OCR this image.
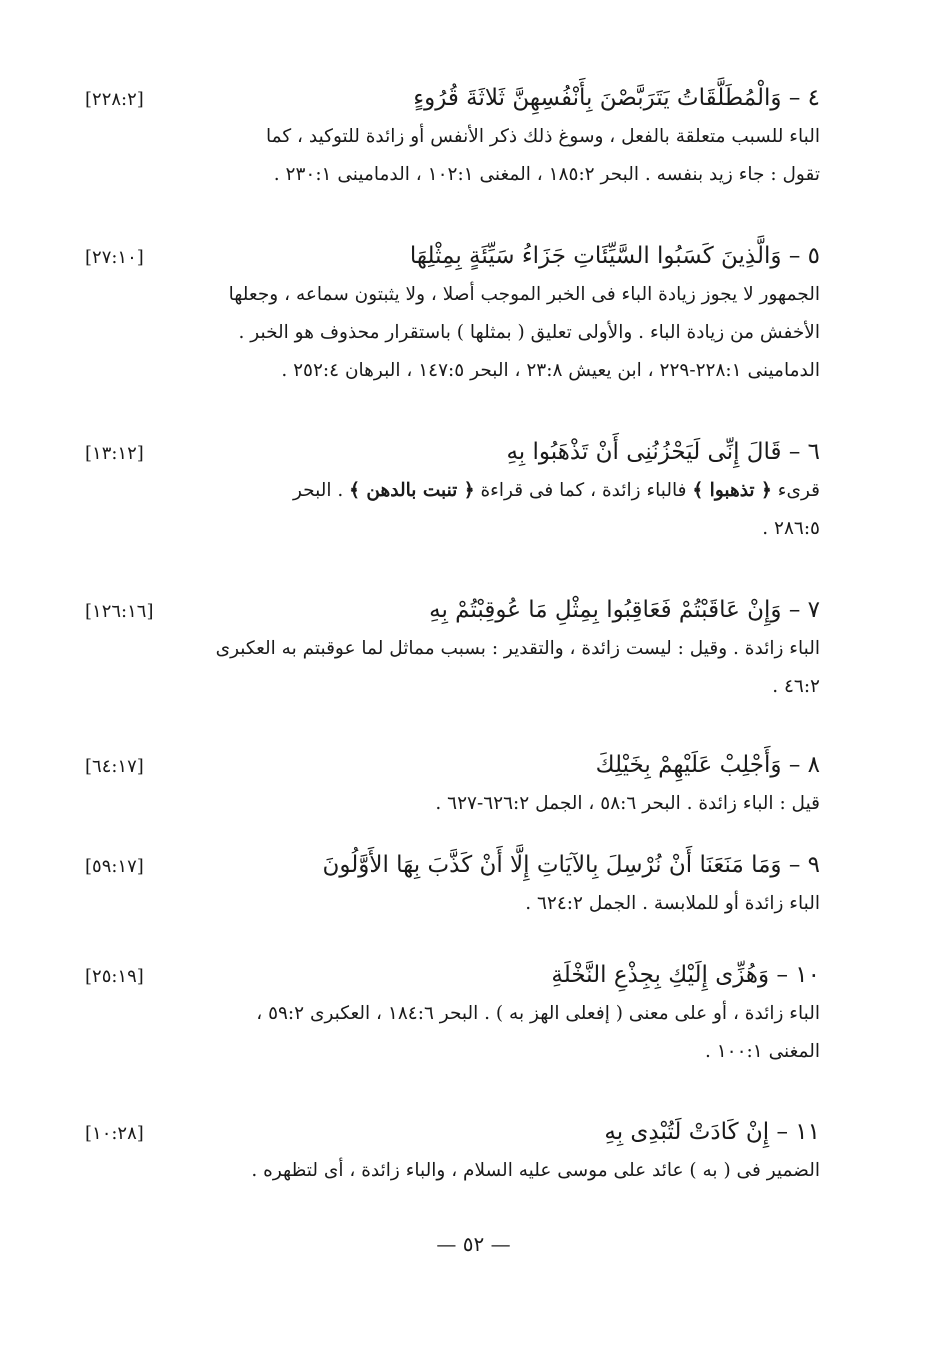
٤ – وَالْمُطَلَّقَاتُ يَتَرَبَّصْنَ بِأَنْفُسِهِنَّ ثَلاثَةَ قُرُوءٍ
[٢٢٨:٢]

الباء للسبب متعلقة بالفعل ، وسوغ ذلك ذكر الأنفس أو زائدة للتوكيد ، كما

تقول : جاء زيد بنفسه . البحر ١٨٥:٢ ، المغنى ١٠٢:١ ، الدمامينى ٢٣٠:١ .

٥ – وَالَّذِينَ كَسَبُوا السَّيِّئَاتِ جَزَاءُ سَيِّئَةٍ بِمِثْلِهَا
[٢٧:١٠]

الجمهور لا يجوز زيادة الباء فى الخبر الموجب أصلا ، ولا يثبتون سماعه ، وجعلها

الأخفش من زيادة الباء . والأولى تعليق ( بمثلها ) باستقرار محذوف هو الخبر .

الدمامينى ٢٢٨:١-٢٢٩ ، ابن يعيش ٢٣:٨ ، البحر ١٤٧:٥ ، البرهان ٢٥٢:٤ .

٦ – قَالَ إِنِّى لَيَحْزُنُنِى أَنْ تَذْهَبُوا بِهِ
[١٣:١٢]

قرىء ﴿ تذهبوا ﴾ فالباء زائدة ، كما فى قراءة ﴿ تنبت بالدهن ﴾ . البحر

٢٨٦:٥ .

٧ – وَإِنْ عَاقَبْتُمْ فَعَاقِبُوا بِمِثْلِ مَا عُوقِبْتُمْ بِهِ
[١٢٦:١٦]

الباء زائدة . وقيل : ليست زائدة ، والتقدير : بسبب مماثل لما عوقبتم به العكبرى

٤٦:٢ .

٨ – وَأَجْلِبْ عَلَيْهِمْ بِخَيْلِكَ
[٦٤:١٧]

قيل : الباء زائدة . البحر ٥٨:٦ ، الجمل ٦٢٦:٢-٦٢٧ .

٩ – وَمَا مَنَعَنَا أَنْ نُرْسِلَ بِالآيَاتِ إِلَّا أَنْ كَذَّبَ بِهَا الأَوَّلُونَ
[٥٩:١٧]

الباء زائدة أو للملابسة . الجمل ٦٢٤:٢ .

١٠ – وَهُزِّى إِلَيْكِ بِجِذْعِ النَّخْلَةِ
[٢٥:١٩]

الباء زائدة ، أو على معنى ( إفعلى الهز به ) . البحر ١٨٤:٦ ، العكبرى ٥٩:٢ ،

المغنى ١٠٠:١ .

١١ – إِنْ كَادَتْ لَتُبْدِى بِهِ
[١٠:٢٨]

الضمير فى ( به ) عائد على موسى عليه السلام ، والباء زائدة ، أى لتظهره .

— ٥٢ —
